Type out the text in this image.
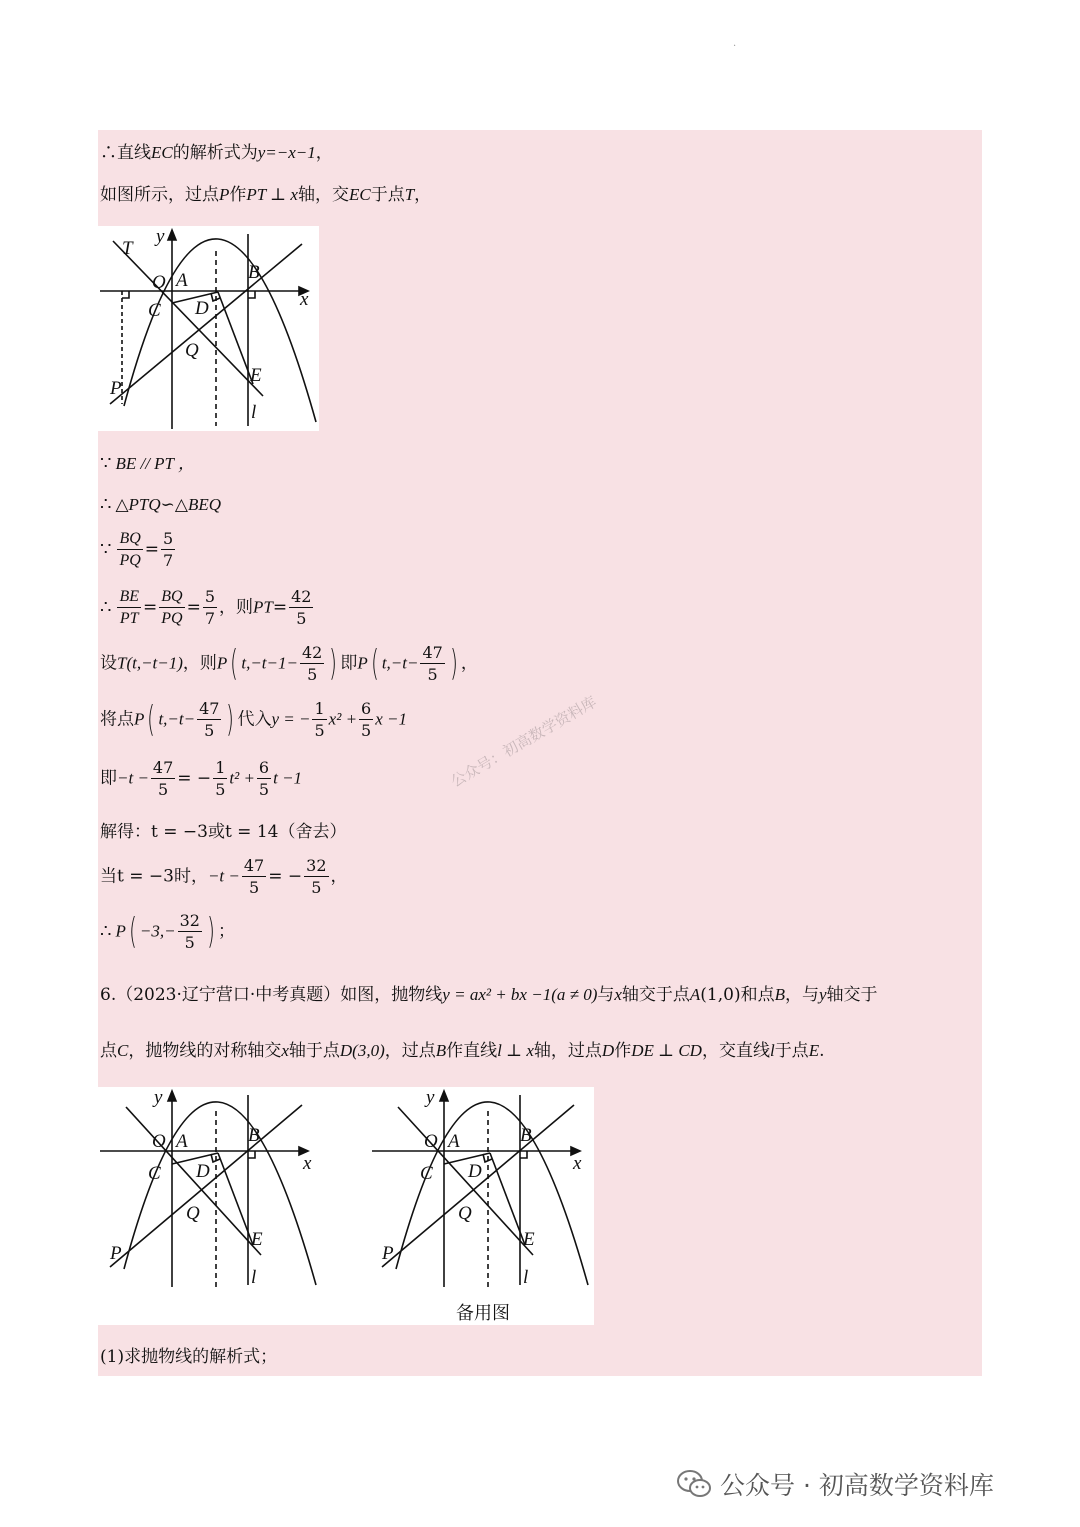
.
∴直线EC的解析式为y=−x−1，
如图所示，过点P作PT ⊥ x轴，交EC于点T，
y
x
O A	B
C D
Q
E
P
l
T
∵ BE // PT ，
∴ △PTQ∽△BEQ
∵ $\frac{BQ}{PQ} = \frac{5}{7}$
∴ $\frac{BE}{PT} = \frac{BQ}{PQ} = \frac{5}{7}$ ，则$PT= \frac{42}{5}$
设T(t,−t−1)，则P( $t,-t-1- \frac{42}{5}$ ) 即P( $t,-t- \frac{47}{5}$ ) ，
将点P( $t,-t- \frac{47}{5}$ ) 代入y = − $\frac{1}{5} x^2 + \frac{6}{5}$ x −1
即$-t - \frac{47}{5}$ = − $\frac{1}{5} t^2 + \frac{6}{5}$ t −1
解得：t = −3或t = 14（舍去）
当t = −3时，$-t - \frac{47}{5}$ = − $\frac{32}{5}$ ，
∴ $P( -3,- \frac{32}{5}$ ) ；
6.（2023·辽宁营口·中考真题）如图，抛物线y = ax² + bx −1(a ≠ 0)与x轴交于点A(1,0)和点B，与y轴交于
点C，抛物线的对称轴交x轴于点D(3,0)，过点B作直线l ⊥ x轴，过点D作DE ⊥ CD，交直线l于点E.
y
x
O A	B
C D
Q
E
P
l
y
x
O A	B
C D
Q
E
P
l
备用图
(1)求抛物线的解析式；
公众号：初高数学资料库
公众号 · 初高数学资料库
